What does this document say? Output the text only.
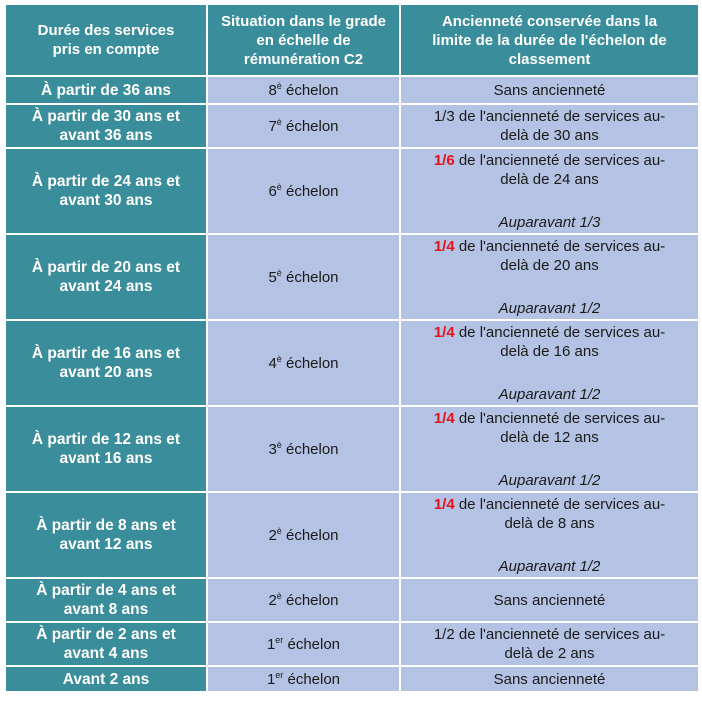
Durée des services pris en compte	Situation dans le grade en échelle de rémunération C2	Ancienneté conservée dans la limite de la durée de l'échelon de classement
À partir de 36 ans	$8^è$ échelon	Sans ancienneté
À partir de 30 ans et avant 36 ans	$7^è$ échelon	1/3 de l'ancienneté de services au-delà de 30 ans
À partir de 24 ans et avant 30 ans	$6^è$ échelon	1/6 de l'ancienneté de services au-delà de 24 ans
Auparavant 1/3

À partir de 20 ans et avant 24 ans	$5^è$ échelon	1/4 de l'ancienneté de services au-delà de 20 ans
Auparavant 1/2

À partir de 16 ans et avant 20 ans	$4^è$ échelon	1/4 de l'ancienneté de services au-delà de 16 ans
Auparavant 1/2

À partir de 12 ans et avant 16 ans	$3^è$ échelon	1/4 de l'ancienneté de services au-delà de 12 ans
Auparavant 1/2

À partir de 8 ans et avant 12 ans	$2^è$ échelon	1/4 de l'ancienneté de services au-delà de 8 ans
Auparavant 1/2

À partir de 4 ans et avant 8 ans	$2^è$ échelon	Sans ancienneté
À partir de 2 ans et avant 4 ans	1er échelon	1/2 de l'ancienneté de services au-delà de 2 ans
Avant 2 ans	1er échelon	Sans ancienneté
